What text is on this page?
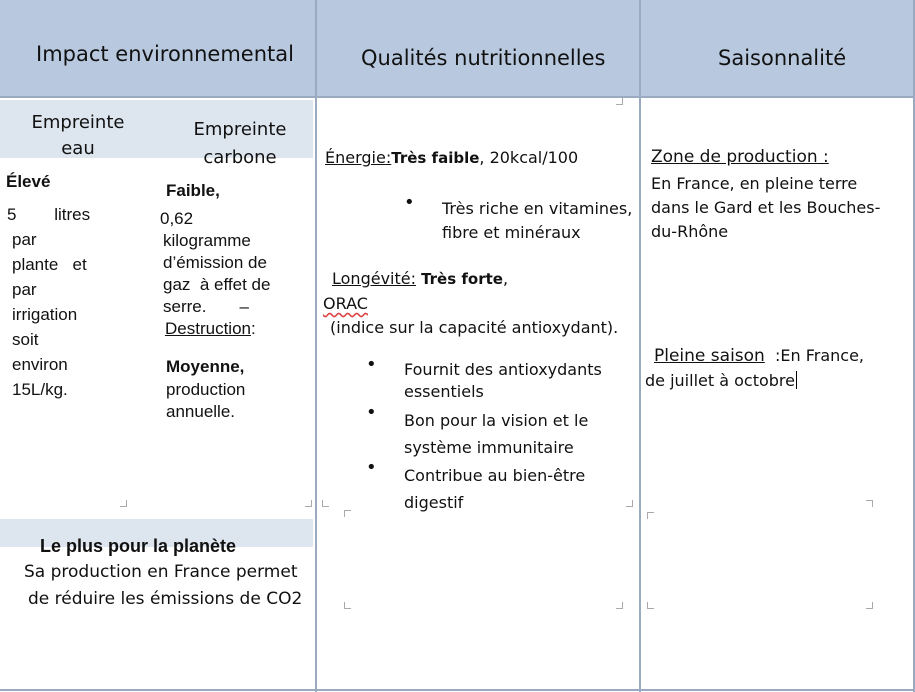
Impact environnemental	Qualités nutritionnelles	Saisonnalité
Empreinte
eau
Empreinte
carbone
Élevé
5        litres
par
plante   et
par
irrigation
soit
environ
15L/kg.
Faible,
0,62
kilogramme
d’émission de
gaz  à effet de
serre.       –
Destruction:
Moyenne,
production
annuelle.
Le plus pour la planète
Sa production en France permet
de réduire les émissions de CO2
Énergie:Très faible, 20kcal/100
• Très riche en vitamines,
fibre et minéraux
Longévité: Très forte,
ORAC
(indice sur la capacité antioxydant).
• Fournit des antioxydants
essentiels
• Bon pour la vision et le
système immunitaire
• Contribue au bien-être
digestif
Zone de production :
En France, en pleine terre
dans le Gard et les Bouches-
du-Rhône
Pleine saison  :En France,
de juillet à octobre
